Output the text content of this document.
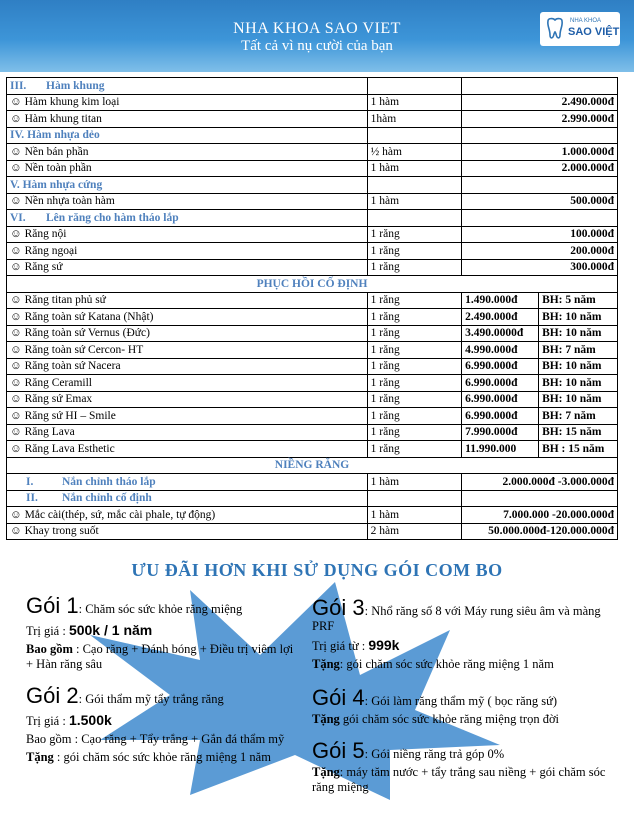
NHA KHOA SAO VIET
Tất cả vì nụ cười của bạn
NHA KHOA
SAO VIỆT
III. Hàm khung			
☺ Hàm khung kim loại	1 hàm	2.490.000đ	
☺ Hàm khung titan	1hàm	2.990.000đ	
IV. Hàm nhựa dẻo			
☺ Nền bán phần	½ hàm	1.000.000đ	
☺ Nền toàn phần	1 hàm	2.000.000đ	
V. Hàm nhựa cứng			
☺ Nền nhựa toàn hàm	1 hàm	500.000đ	
VI. Lên răng cho hàm tháo lắp			
☺ Răng nội	1 răng	100.000đ	
☺ Răng ngoại	1 răng	200.000đ	
☺ Răng sứ	1 răng	300.000đ	
PHỤC HỒI CỐ ĐỊNH			
☺ Răng titan phủ sứ	1 răng	1.490.000đ	BH: 5 năm
☺ Răng toàn sứ Katana (Nhật)	1 răng	2.490.000đ	BH: 10 năm
☺ Răng toàn sứ Vernus (Đức)	1 răng	3.490.0000đ	BH: 10 năm
☺ Răng toàn sứ Cercon- HT	1 răng	4.990.000đ	BH: 7 năm
☺ Răng toàn sứ Nacera	1 răng	6.990.000đ	BH: 10 năm
☺ Răng Ceramill	1 răng	6.990.000đ	BH: 10 năm
☺ Răng sứ Emax	1 răng	6.990.000đ	BH: 10 năm
☺ Răng sứ HI – Smile	1 răng	6.990.000đ	BH: 7 năm
☺ Răng Lava	1 răng	7.990.000đ	BH: 15 năm
☺ Răng Lava Esthetic	1 răng	11.990.000	BH : 15 năm
NIỀNG RĂNG			
I. Nắn chỉnh tháo lắp	1 hàm	2.000.000đ -3.000.000đ	
II. Nắn chỉnh cố định			
☺ Mắc cài(thép, sứ, mắc cài phale, tự động)	1 hàm	7.000.000 -20.000.000đ	
☺ Khay trong suốt	2 hàm	50.000.000đ-120.000.000đ	
ƯU ĐÃI HƠN KHI SỬ DỤNG GÓI COM BO
Gói 1: Chăm sóc sức khỏe răng miệng
Trị giá : 500k / 1 năm
Bao gồm : Cạo răng + Đánh bóng + Điều trị viêm lợi + Hàn răng sâu
Gói 2: Gói thẩm mỹ tẩy trắng răng
Trị giá : 1.500k
Bao gồm : Cạo răng + Tẩy trắng + Gắn đá thẩm mỹ
Tặng : gói chăm sóc sức khỏe răng miệng 1 năm
Gói 3: Nhổ răng số 8 với Máy rung siêu âm và màng PRF
Trị giá từ : 999k
Tặng: gói chăm sóc sức khỏe răng miệng 1 năm
Gói 4: Gói làm răng thẩm mỹ ( bọc răng sứ)
Tặng gói chăm sóc sức khỏe răng miệng trọn đời
Gói 5: Gói niềng răng trả góp 0%
Tặng: máy tăm nước + tẩy trắng sau niềng + gói chăm sóc răng miệng
